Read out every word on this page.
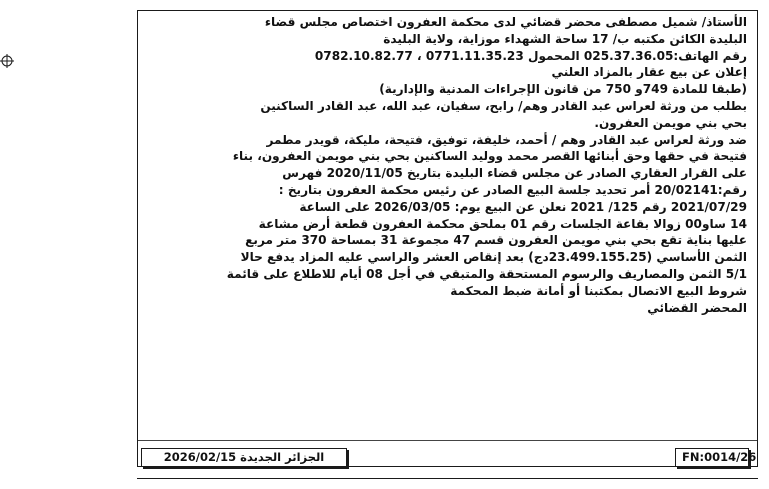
الأستاذ/ شميل مصطفى محضر قضائي لدى محكمة العفرون اختصاص مجلس قضاء
البليدة الكائن مكتبه ب/ 17 ساحة الشهداء موزاية، ولاية البليدة
رقم الهاتف:025.37.36.05 المحمول 0771.11.35.23 ، 0782.10.82.77
إعلان عن بيع عقار بالمزاد العلني
(طبقا للمادة 749و 750 من قانون الإجراءات المدنية والإدارية)
بطلب من ورثة لعراس عبد القادر وهم/ رابح، سفيان، عبد الله، عبد القادر الساكنين
بحي بني مويمن العفرون.
ضد ورثة لعراس عبد القادر وهم / أحمد، خليفة، توفيق، فتيحة، مليكة، قويدر مطمر
فتيحة في حقها وحق أبنائها القصر محمد ووليد الساكنين بحي بني مويمن العفرون، بناء
على القرار العقاري الصادر عن مجلس قضاء البليدة بتاريخ 2020/11/05 فهرس
رقم:20/02141 أمر تحديد جلسة البيع الصادر عن رئيس محكمة العفرون بتاريخ :
2021/07/29 رقم 125/ 2021 نعلن عن البيع يوم: 2026/03/05 على الساعة
14 ساو00 زوالا بقاعة الجلسات رقم 01 بملحق محكمة العفرون قطعة أرض مشاعة
عليها بناية تقع بحي بني مويمن العفرون قسم 47 مجموعة 31 بمساحة 370 متر مربع
الثمن الأساسي (23.499.155.25دج) بعد إنقاص العشر والراسي عليه المزاد يدفع حالا
5/1 الثمن والمصاريف والرسوم المستحقة والمتبقي في أجل 08 أيام للاطلاع على قائمة
شروط البيع الاتصال بمكتبنا أو أمانة ضبط المحكمة
المحضر القضائي
الجزائر الجديدة 2026/02/15	FN:0014/26
